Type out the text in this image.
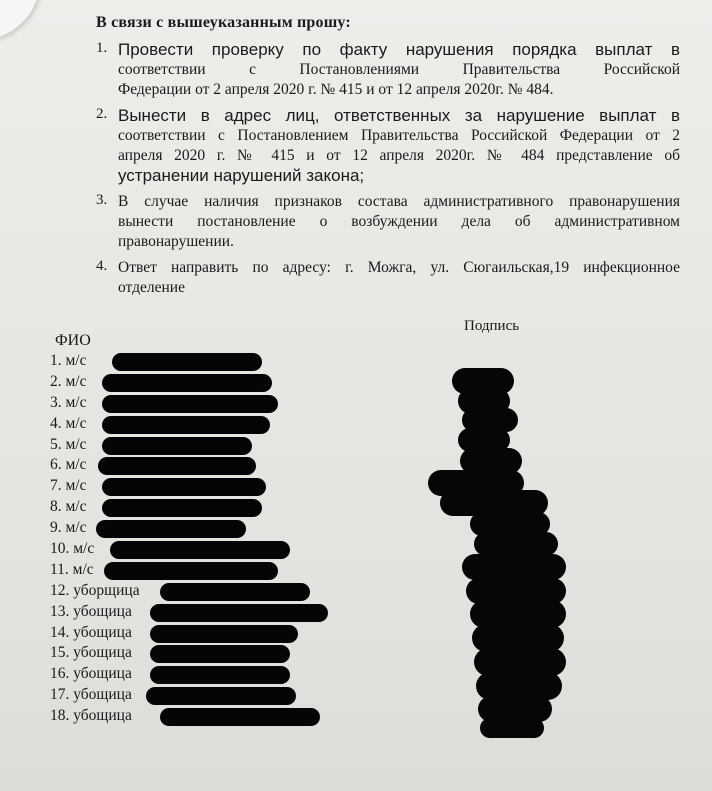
В связи с вышеуказанным прошу:
1. Провести проверку по факту нарушения порядка выплат в
соответствии с Постановлениями Правительства Российской
Федерации от 2 апреля 2020 г. № 415 и от 12 апреля 2020г. № 484.
2. Вынести в адрес лиц, ответственных за нарушение выплат в
соответствии с Постановлением Правительства Российской Федерации от 2
апреля 2020 г. № 415 и от 12 апреля 2020г. № 484 представление об
устранении нарушений закона;
3. В случае наличия признаков состава административного правонарушения
вынести постановление о возбуждении дела об административном
правонарушении.
4. Ответ направить по адресу: г. Можга, ул. Сюгаильская,19 инфекционное
отделение
ФИО
Подпись
1. м/с
2. м/с
3. м/с
4. м/с
5. м/с
6. м/с
7. м/с
8. м/с
9. м/с
10. м/с
11. м/с
12. уборщица
13. убощица
14. убощица
15. убощица
16. убощица
17. убощица
18. убощица
